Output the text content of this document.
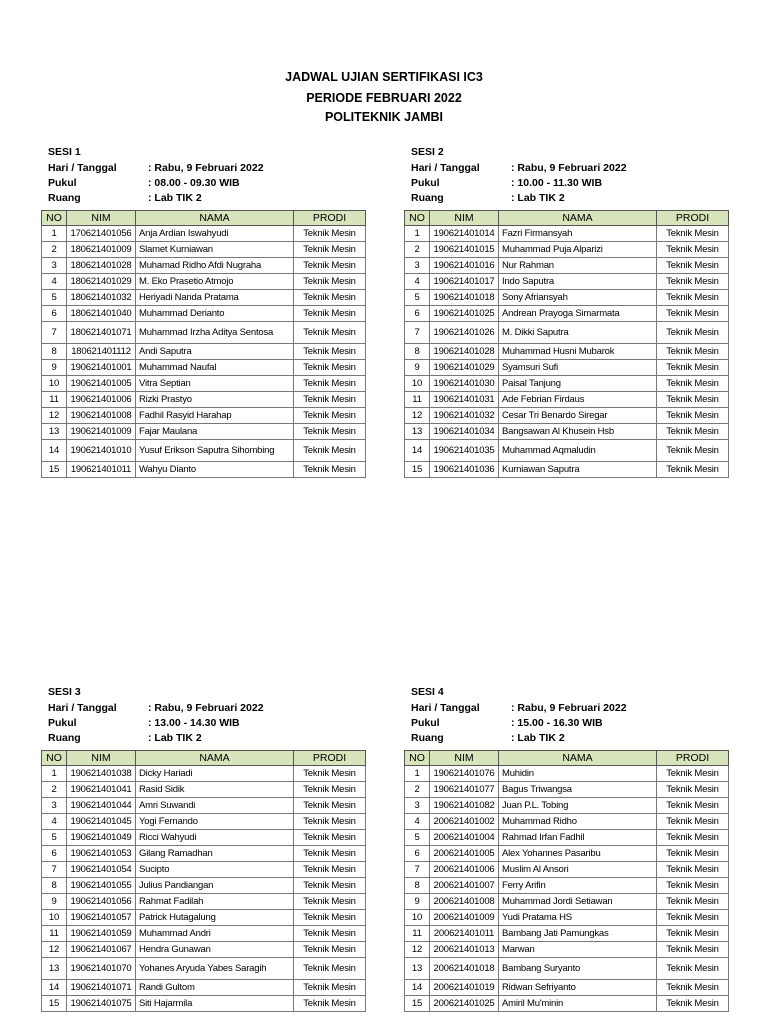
JADWAL UJIAN SERTIFIKASI IC3
PERIODE FEBRUARI 2022
POLITEKNIK JAMBI
SESI 1
Hari / Tanggal	: Rabu, 9 Februari 2022
Pukul	: 08.00 - 09.30 WIB
Ruang	: Lab TIK 2
NO	NIM	NAMA	PRODI
1	170621401056	Anja Ardian Iswahyudi	Teknik Mesin
2	180621401009	Slamet Kurniawan	Teknik Mesin
3	180621401028	Muhamad Ridho Afdi Nugraha	Teknik Mesin
4	180621401029	M. Eko Prasetio Atmojo	Teknik Mesin
5	180621401032	Heriyadi Nanda Pratama	Teknik Mesin
6	180621401040	Muhammad Derianto	Teknik Mesin
7	180621401071	Muhammad Irzha Aditya Sentosa	Teknik Mesin
8	180621401112	Andi Saputra	Teknik Mesin
9	190621401001	Muhammad Naufal	Teknik Mesin
10	190621401005	Vitra Septian	Teknik Mesin
11	190621401006	Rizki Prastyo	Teknik Mesin
12	190621401008	Fadhil Rasyid Harahap	Teknik Mesin
13	190621401009	Fajar Maulana	Teknik Mesin
14	190621401010	Yusuf Erikson Saputra Sihombing	Teknik Mesin
15	190621401011	Wahyu Dianto	Teknik Mesin
SESI 2
Hari / Tanggal	: Rabu, 9 Februari 2022
Pukul	: 10.00 - 11.30 WIB
Ruang	: Lab TIK 2
NO	NIM	NAMA	PRODI
1	190621401014	Fazri Firmansyah	Teknik Mesin
2	190621401015	Muhammad Puja Alparizi	Teknik Mesin
3	190621401016	Nur Rahman	Teknik Mesin
4	190621401017	Indo Saputra	Teknik Mesin
5	190621401018	Sony Afriansyah	Teknik Mesin
6	190621401025	Andrean Prayoga Simarmata	Teknik Mesin
7	190621401026	M. Dikki Saputra	Teknik Mesin
8	190621401028	Muhammad Husni Mubarok	Teknik Mesin
9	190621401029	Syamsuri Sufi	Teknik Mesin
10	190621401030	Paisal Tanjung	Teknik Mesin
11	190621401031	Ade Febrian Firdaus	Teknik Mesin
12	190621401032	Cesar Tri Benardo Siregar	Teknik Mesin
13	190621401034	Bangsawan Al Khusein Hsb	Teknik Mesin
14	190621401035	Muhammad Aqmaludin	Teknik Mesin
15	190621401036	Kurniawan Saputra	Teknik Mesin
SESI 3
Hari / Tanggal	: Rabu, 9 Februari 2022
Pukul	: 13.00 - 14.30 WIB
Ruang	: Lab TIK 2
NO	NIM	NAMA	PRODI
1	190621401038	Dicky Hariadi	Teknik Mesin
2	190621401041	Rasid Sidik	Teknik Mesin
3	190621401044	Amri Suwandi	Teknik Mesin
4	190621401045	Yogi Fernando	Teknik Mesin
5	190621401049	Ricci Wahyudi	Teknik Mesin
6	190621401053	Gilang Ramadhan	Teknik Mesin
7	190621401054	Sucipto	Teknik Mesin
8	190621401055	Julius Pandiangan	Teknik Mesin
9	190621401056	Rahmat Fadilah	Teknik Mesin
10	190621401057	Patrick Hutagalung	Teknik Mesin
11	190621401059	Muhammad Andri	Teknik Mesin
12	190621401067	Hendra Gunawan	Teknik Mesin
13	190621401070	Yohanes Aryuda Yabes Saragih	Teknik Mesin
14	190621401071	Randi Gultom	Teknik Mesin
15	190621401075	Siti Hajarmila	Teknik Mesin
SESI 4
Hari / Tanggal	: Rabu, 9 Februari 2022
Pukul	: 15.00 - 16.30 WIB
Ruang	: Lab TIK 2
NO	NIM	NAMA	PRODI
1	190621401076	Muhidin	Teknik Mesin
2	190621401077	Bagus Triwangsa	Teknik Mesin
3	190621401082	Juan P.L. Tobing	Teknik Mesin
4	200621401002	Muhammad Ridho	Teknik Mesin
5	200621401004	Rahmad Irfan Fadhil	Teknik Mesin
6	200621401005	Alex Yohannes Pasaribu	Teknik Mesin
7	200621401006	Muslim Al Ansori	Teknik Mesin
8	200621401007	Ferry Arifin	Teknik Mesin
9	200621401008	Muhammad Jordi Setiawan	Teknik Mesin
10	200621401009	Yudi Pratama HS	Teknik Mesin
11	200621401011	Bambang Jati Pamungkas	Teknik Mesin
12	200621401013	Marwan	Teknik Mesin
13	200621401018	Bambang Suryanto	Teknik Mesin
14	200621401019	Ridwan Sefriyanto	Teknik Mesin
15	200621401025	Amiril Mu'minin	Teknik Mesin
